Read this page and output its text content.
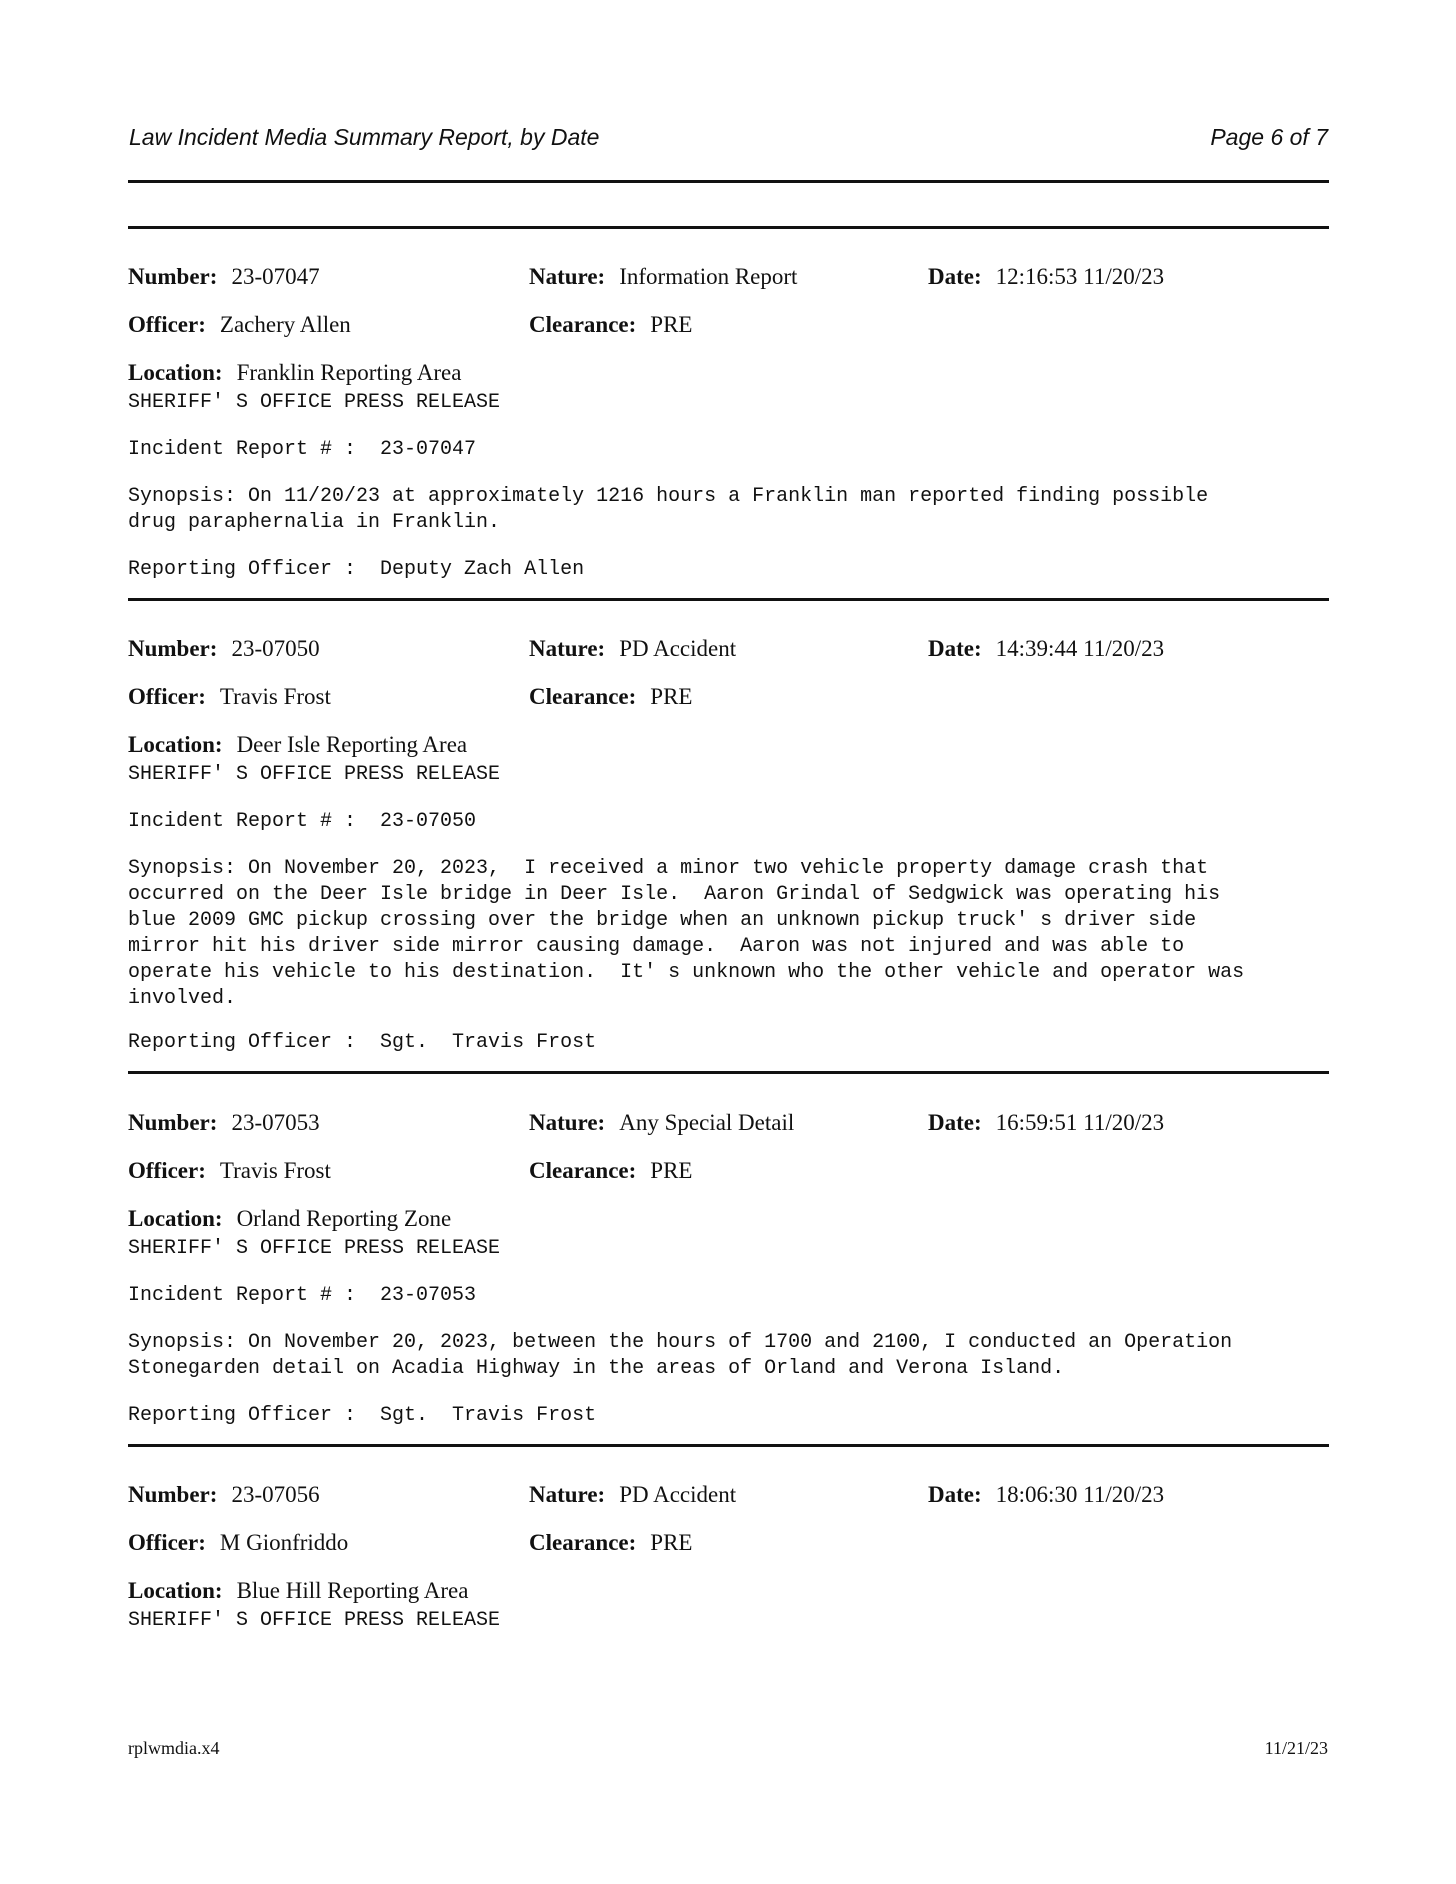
Law Incident Media Summary Report, by Date	Page 6 of 7
Number: 23-07047	Nature: Information Report	Date: 12:16:53 11/20/23
Officer: Zachery Allen	Clearance: PRE
Location: Franklin Reporting Area
SHERIFF' S OFFICE PRESS RELEASE
Incident Report # :  23-07047
Synopsis: On 11/20/23 at approximately 1216 hours a Franklin man reported finding possible
drug paraphernalia in Franklin.
Reporting Officer :  Deputy Zach Allen
Number: 23-07050	Nature: PD Accident	Date: 14:39:44 11/20/23
Officer: Travis Frost	Clearance: PRE
Location: Deer Isle Reporting Area
SHERIFF' S OFFICE PRESS RELEASE
Incident Report # :  23-07050
Synopsis: On November 20, 2023,  I received a minor two vehicle property damage crash that
occurred on the Deer Isle bridge in Deer Isle.  Aaron Grindal of Sedgwick was operating his
blue 2009 GMC pickup crossing over the bridge when an unknown pickup truck' s driver side
mirror hit his driver side mirror causing damage.  Aaron was not injured and was able to
operate his vehicle to his destination.  It' s unknown who the other vehicle and operator was
involved.
Reporting Officer :  Sgt.  Travis Frost
Number: 23-07053	Nature: Any Special Detail	Date: 16:59:51 11/20/23
Officer: Travis Frost	Clearance: PRE
Location: Orland Reporting Zone
SHERIFF' S OFFICE PRESS RELEASE
Incident Report # :  23-07053
Synopsis: On November 20, 2023, between the hours of 1700 and 2100, I conducted an Operation
Stonegarden detail on Acadia Highway in the areas of Orland and Verona Island.
Reporting Officer :  Sgt.  Travis Frost
Number: 23-07056	Nature: PD Accident	Date: 18:06:30 11/20/23
Officer: M Gionfriddo	Clearance: PRE
Location: Blue Hill Reporting Area
SHERIFF' S OFFICE PRESS RELEASE
rplwmdia.x4	11/21/23
